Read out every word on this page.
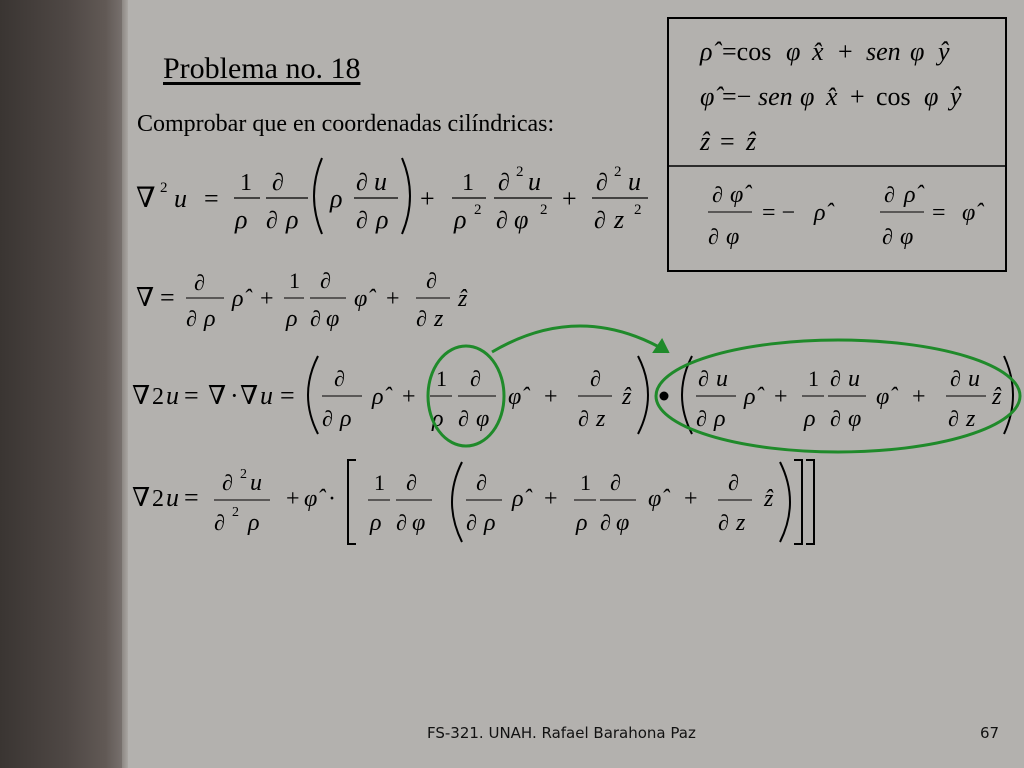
Problema no. 18
Comprobar que en coordenadas cilíndricas:
∇ 2 u =
1
ρ
∂
∂ ρ
ρ
∂ u
∂ ρ
+
1
ρ 2
∂ 2 u
∂ φ 2 +
∂ 2 u
∂ z 2
∇ =
∂
∂ ρ
ρ̂ +
1
ρ
∂
∂ φ
φ̂ +
∂
∂ z
ẑ
∇ 2 u = ∇ · ∇ u =
∂
∂ ρ
ρ̂ +
1
ρ
∂
∂ φ
φ̂ +
∂
∂ z
ẑ
∂ u
∂ ρ
ρ̂ +
1
ρ
∂ u
∂ φ
φ̂ +
∂ u
∂ z
ẑ
∇ 2 u =
∂ 2 u
∂ 2 ρ
+ φ̂ ·
1
ρ
∂
∂ φ
∂
∂ ρ
ρ̂ +
1
ρ
∂
∂ φ
φ̂ +
∂
∂ z
ẑ
ρ̂ =cos φ x̂ + sen φ ŷ
φ̂ =− sen φ x̂ + cos φ ŷ
ẑ = ẑ
∂ φ̂
∂ φ
= − ρ̂
∂ ρ̂
∂ φ
= φ̂
FS-321. UNAH. Rafael Barahona Paz	67
